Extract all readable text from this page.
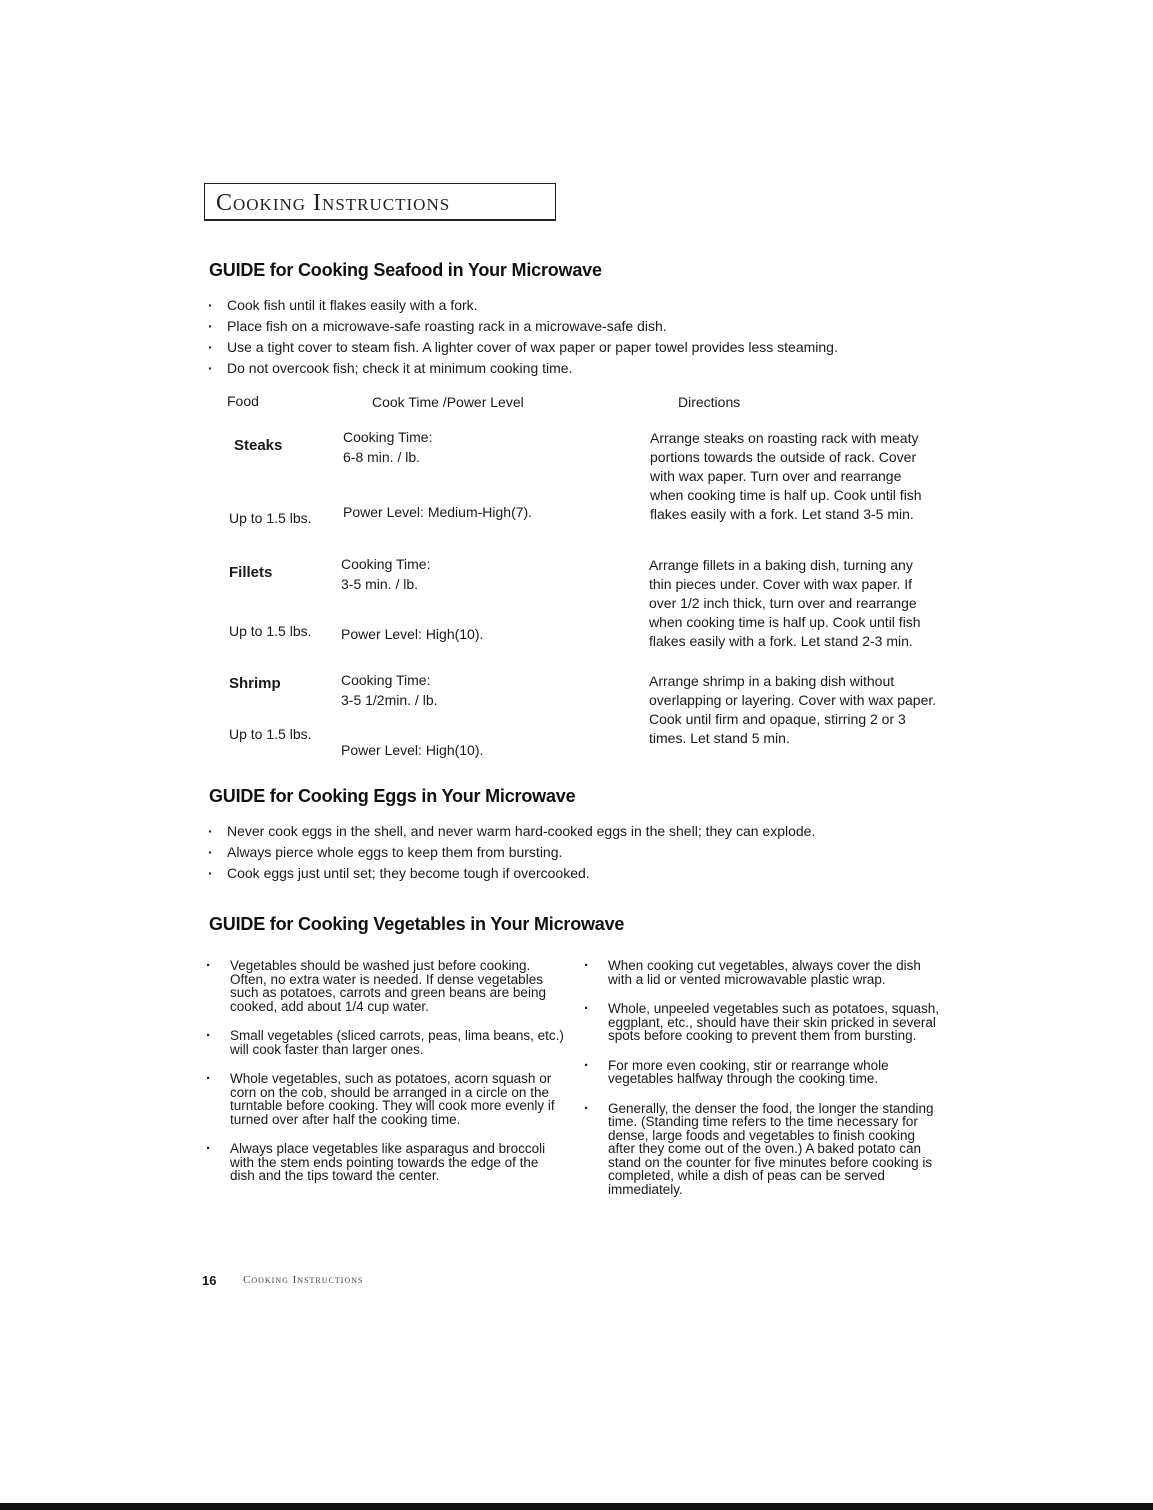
Cooking Instructions
GUIDE for Cooking Seafood in Your Microwave
· Cook fish until it flakes easily with a fork.
· Place fish on a microwave-safe roasting rack in a microwave-safe dish.
· Use a tight cover to steam fish. A lighter cover of wax paper or paper towel provides less steaming.
· Do not overcook fish; check it at minimum cooking time.
Food	Cook Time /Power Level	Directions
Steaks
Up to 1.5 lbs.
Cooking Time:
6-8 min. / lb.
Power Level: Medium-High(7).
Arrange steaks on roasting rack with meaty portions towards the outside of rack. Cover with wax paper. Turn over and rearrange when cooking time is half up. Cook until fish flakes easily with a fork. Let stand 3-5 min.
Fillets
Up to 1.5 lbs.
Cooking Time:
3-5 min. / lb.
Power Level: High(10).
Arrange fillets in a baking dish, turning any thin pieces under. Cover with wax paper. If over 1/2 inch thick, turn over and rearrange when cooking time is half up. Cook until fish flakes easily with a fork. Let stand 2-3 min.
Shrimp
Up to 1.5 lbs.
Cooking Time:
3-5 1/2min. / lb.
Power Level: High(10).
Arrange shrimp in a baking dish without overlapping or layering. Cover with wax paper. Cook until firm and opaque, stirring 2 or 3 times. Let stand 5 min.
GUIDE for Cooking Eggs in Your Microwave
· Never cook eggs in the shell, and never warm hard-cooked eggs in the shell; they can explode.
· Always pierce whole eggs to keep them from bursting.
· Cook eggs just until set; they become tough if overcooked.
GUIDE for Cooking Vegetables in Your Microwave
· Vegetables should be washed just before cooking. Often, no extra water is needed. If dense vegetables such as potatoes, carrots and green beans are being cooked, add about 1/4 cup water.
· Small vegetables (sliced carrots, peas, lima beans, etc.) will cook faster than larger ones.
· Whole vegetables, such as potatoes, acorn squash or corn on the cob, should be arranged in a circle on the turntable before cooking. They will cook more evenly if turned over after half the cooking time.
· Always place vegetables like asparagus and broccoli with the stem ends pointing towards the edge of the dish and the tips toward the center.
· When cooking cut vegetables, always cover the dish with a lid or vented microwavable plastic wrap.
· Whole, unpeeled vegetables such as potatoes, squash, eggplant, etc., should have their skin pricked in several spots before cooking to prevent them from bursting.
· For more even cooking, stir or rearrange whole vegetables halfway through the cooking time.
· Generally, the denser the food, the longer the standing time. (Standing time refers to the time necessary for dense, large foods and vegetables to finish cooking after they come out of the oven.) A baked potato can stand on the counter for five minutes before cooking is completed, while a dish of peas can be served immediately.
16 Cooking Instructions
